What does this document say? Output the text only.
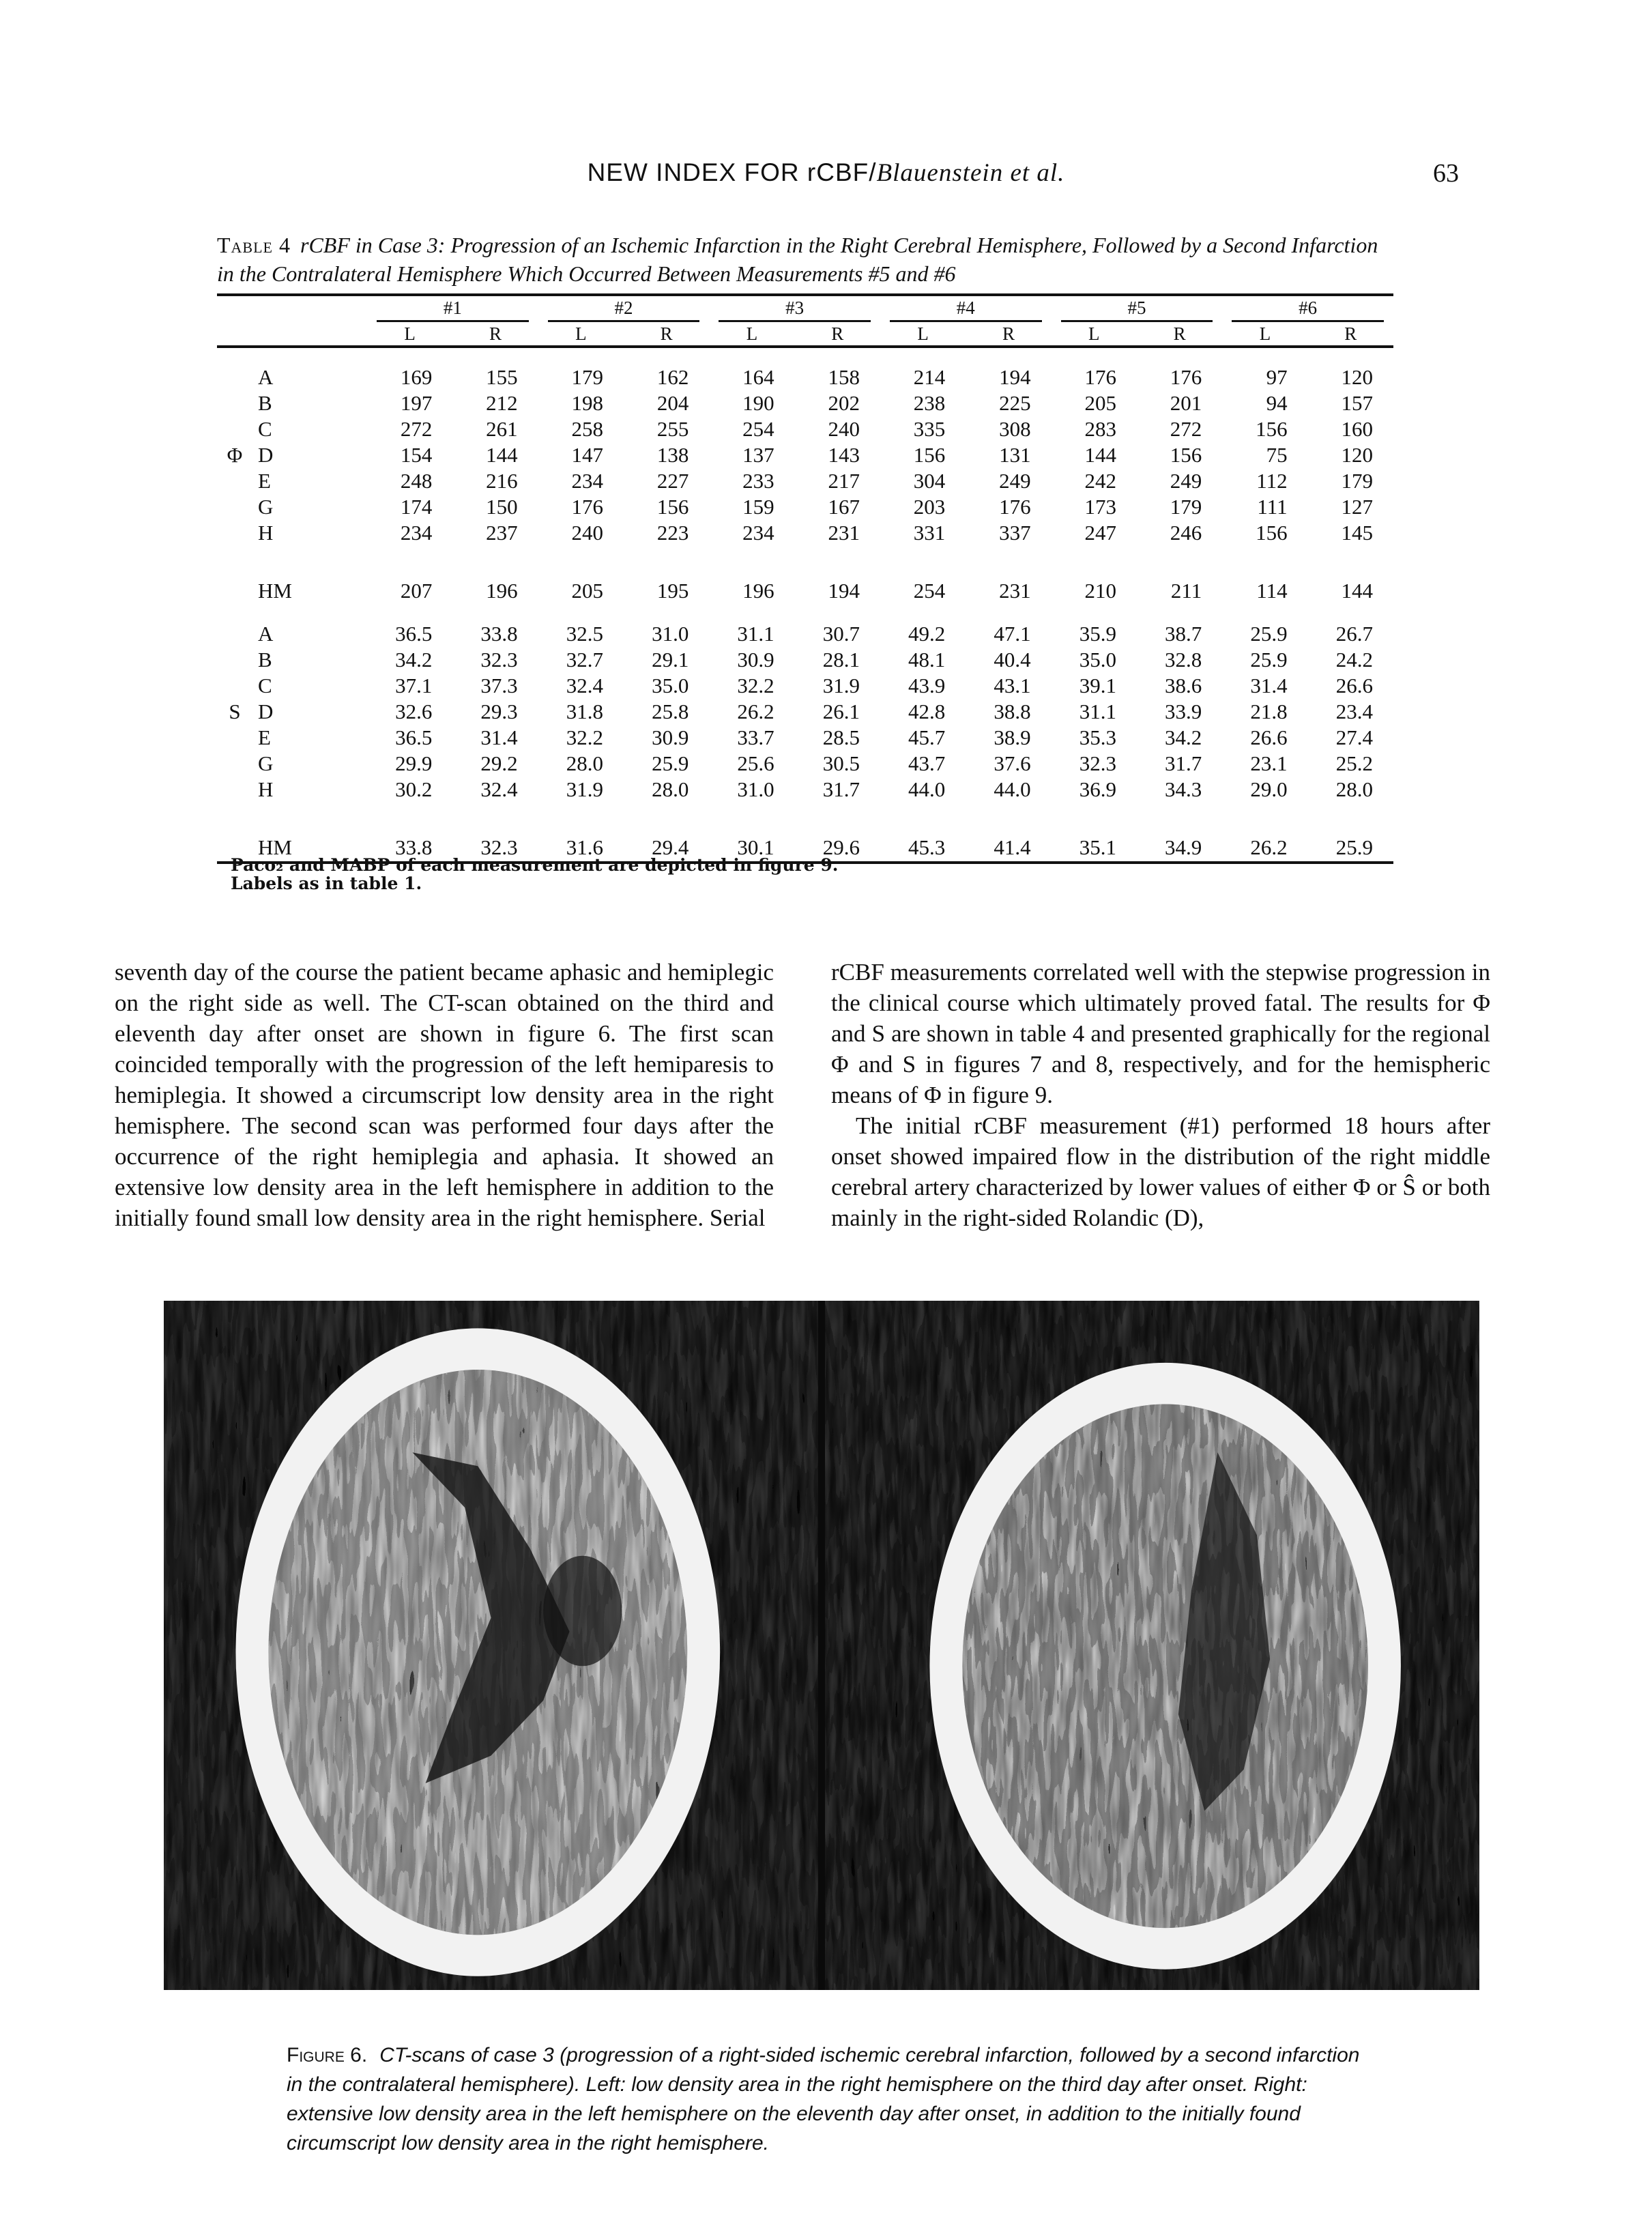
NEW INDEX FOR rCBF/Blauenstein et al.	63
Table 4 rCBF in Case 3: Progression of an Ischemic Infarction in the Right Cerebral Hemisphere, Followed by a Second Infarction in the Contralateral Hemisphere Which Occurred Between Measurements #5 and #6

		#1		#2		#3		#4		#5		#6	

		L	R	L	R	L	R	L	R	L	R	L	R

	A	169	155	179	162	164	158	214	194	176	176	97	120
	B	197	212	198	204	190	202	238	225	205	201	94	157
	C	272	261	258	255	254	240	335	308	283	272	156	160
Φ	D	154	144	147	138	137	143	156	131	144	156	75	120
	E	248	216	234	227	233	217	304	249	242	249	112	179
	G	174	150	176	156	159	167	203	176	173	179	111	127
	H	234	237	240	223	234	231	331	337	247	246	156	145

	HM	207	196	205	195	196	194	254	231	210	211	114	144

	A	36.5	33.8	32.5	31.0	31.1	30.7	49.2	47.1	35.9	38.7	25.9	26.7
	B	34.2	32.3	32.7	29.1	30.9	28.1	48.1	40.4	35.0	32.8	25.9	24.2
	C	37.1	37.3	32.4	35.0	32.2	31.9	43.9	43.1	39.1	38.6	31.4	26.6
S	D	32.6	29.3	31.8	25.8	26.2	26.1	42.8	38.8	31.1	33.9	21.8	23.4
	E	36.5	31.4	32.2	30.9	33.7	28.5	45.7	38.9	35.3	34.2	26.6	27.4
	G	29.9	29.2	28.0	25.9	25.6	30.5	43.7	37.6	32.3	31.7	23.1	25.2
	H	30.2	32.4	31.9	28.0	31.0	31.7	44.0	44.0	36.9	34.3	29.0	28.0

	HM	33.8	32.3	31.6	29.4	30.1	29.6	45.3	41.4	35.1	34.9	26.2	25.9
Paco₂ and MABP of each measurement are depicted in figure 9.
Labels as in table 1.

seventh day of the course the patient became aphasic and hemiplegic on the right side as well. The CT-scan obtained on the third and eleventh day after onset are shown in figure 6. The first scan coincided temporally with the progression of the left hemiparesis to hemiplegia. It showed a circumscript low density area in the right hemisphere. The second scan was performed four days after the occurrence of the right hemiplegia and aphasia. It showed an extensive low density area in the left hemisphere in addition to the initially found small low density area in the right hemisphere. Serial

rCBF measurements correlated well with the stepwise progression in the clinical course which ultimately proved fatal. The results for Φ and S are shown in table 4 and presented graphically for the regional Φ and S in figures 7 and 8, respectively, and for the hemispheric means of Φ in figure 9.

The initial rCBF measurement (#1) performed 18 hours after onset showed impaired flow in the distribution of the right middle cerebral artery characterized by lower values of either Φ or Ŝ or both mainly in the right-sided Rolandic (D),

Figure 6. CT-scans of case 3 (progression of a right-sided ischemic cerebral infarction, followed by a second infarction in the contralateral hemisphere). Left: low density area in the right hemisphere on the third day after onset. Right: extensive low density area in the left hemisphere on the eleventh day after onset, in addition to the initially found circumscript low density area in the right hemisphere.
